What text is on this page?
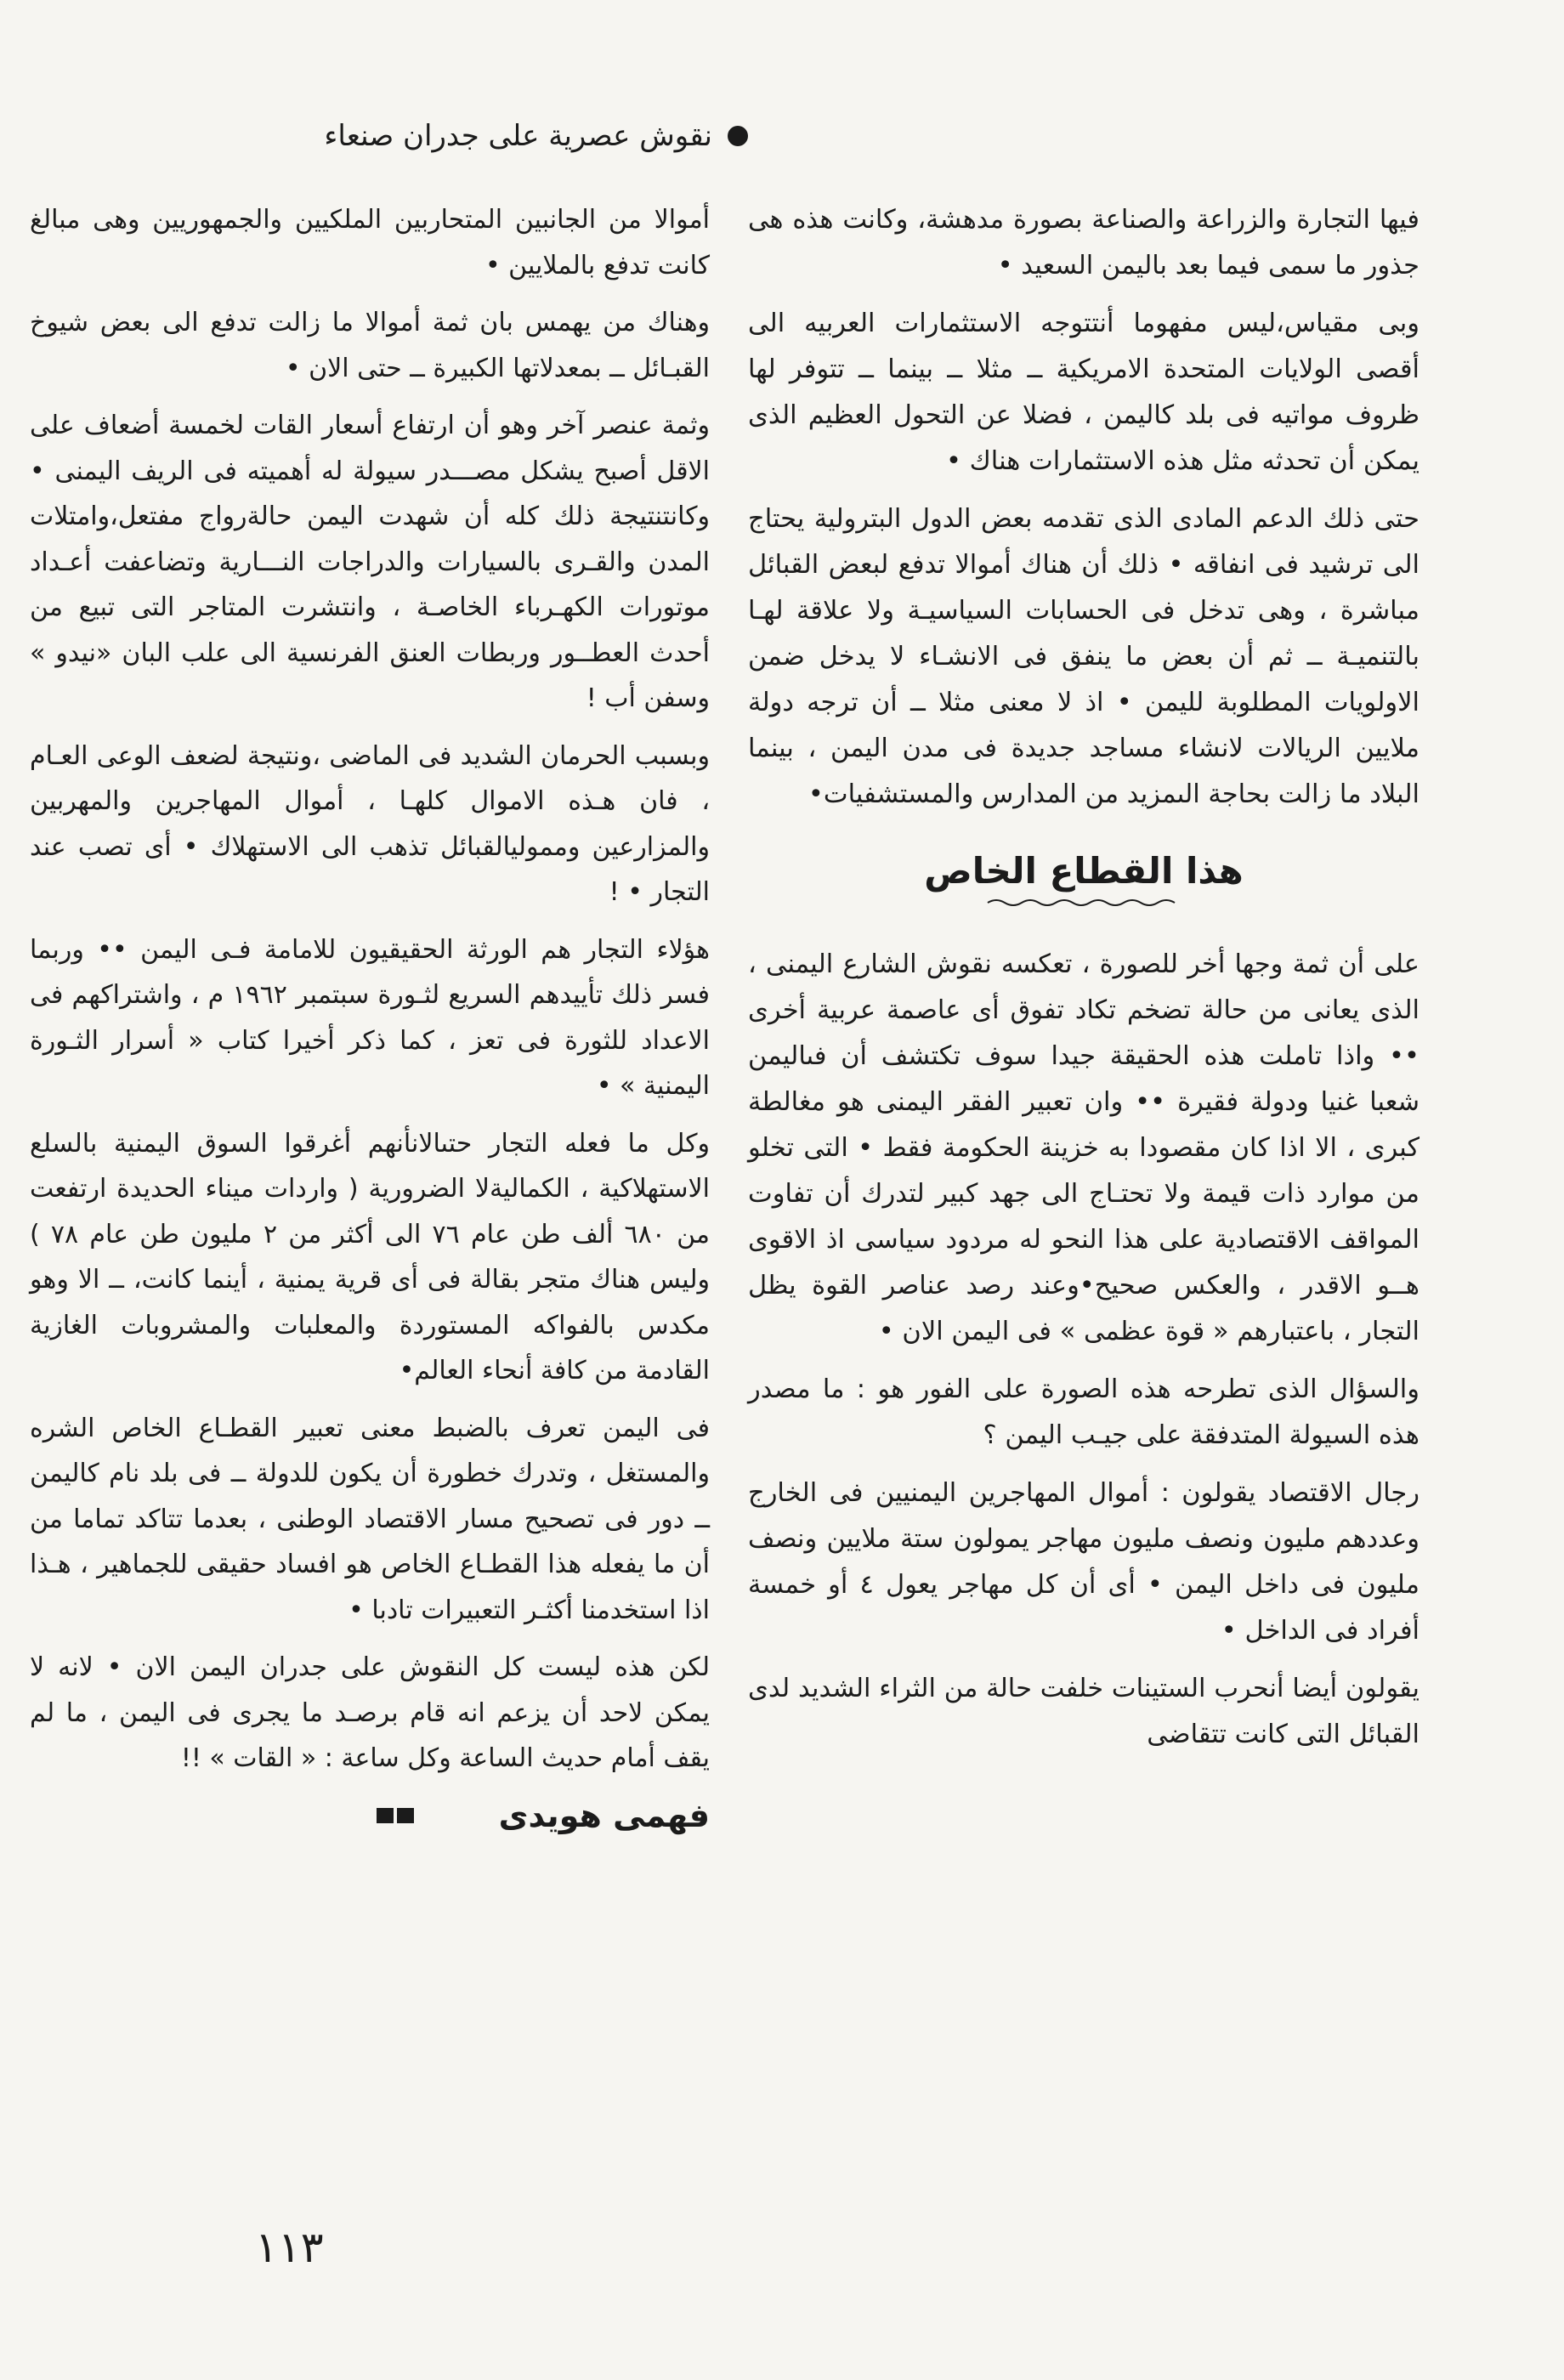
نقوش عصرية على جدران صنعاء

فيها التجارة والزراعة والصناعة بصورة مدهشة، وكانت هذه هى جذور ما سمى فيما بعد باليمن السعيد •

وبى مقياس،ليس مفهوما أنتتوجه الاستثمارات العربيه الى أقصى الولايات المتحدة الامريكية ــ مثلا ــ بينما ــ تتوفر لها ظروف مواتيه فى بلد كاليمن ، فضلا عن التحول العظيم الذى يمكن أن تحدثه مثل هذه الاستثمارات هناك •

حتى ذلك الدعم المادى الذى تقدمه بعض الدول البترولية يحتاج الى ترشيد فى انفاقه • ذلك أن هناك أموالا تدفع لبعض القبائل مباشرة ، وهى تدخل فى الحسابات السياسيـة ولا علاقة لهـا بالتنميـة ــ ثم أن بعض ما ينفق فى الانشـاء لا يدخل ضمن الاولويات المطلوبة لليمن • اذ لا معنى مثلا ــ أن ترجه دولة ملايين الريالات لانشاء مساجد جديدة فى مدن اليمن ، بينما البلاد ما زالت بحاجة الىمزيد من المدارس والمستشفيات•

هذا القطاع الخاص

على أن ثمة وجها أخر للصورة ، تعكسه نقوش الشارع اليمنى ، الذى يعانى من حالة تضخم تكاد تفوق أى عاصمة عربية أخرى •• واذا تاملت هذه الحقيقة جيدا سوف تكتشف أن فىاليمن شعبا غنيا ودولة فقيرة •• وان تعبير الفقر اليمنى هو مغالطة كبرى ، الا اذا كان مقصودا به خزينة الحكومة فقط • التى تخلو من موارد ذات قيمة ولا تحتـاج الى جهد كبير لتدرك أن تفاوت المواقف الاقتصادية على هذا النحو له مردود سياسى اذ الاقوى هــو الاقدر ، والعكس صحيح•وعند رصد عناصر القوة يظل التجار ، باعتبارهم « قوة عظمى » فى اليمن الان •

والسؤال الذى تطرحه هذه الصورة على الفور هو : ما مصدر هذه السيولة المتدفقة على جيـب اليمن ؟

رجال الاقتصاد يقولون : أموال المهاجرين اليمنيين فى الخارج وعددهم مليون ونصف مليون مهاجر يمولون ستة ملايين ونصف مليون فى داخل اليمن • أى أن كل مهاجر يعول ٤ أو خمسة أفراد فى الداخل •

يقولون أيضا أنحرب الستينات خلفت حالة من الثراء الشديد لدى القبائل التى كانت تتقاضى

أموالا من الجانبين المتحاربين الملكيين والجمهوريين وهى مبالغ كانت تدفع بالملايين •

وهناك من يهمس بان ثمة أموالا ما زالت تدفع الى بعض شيوخ القبـائل ــ بمعدلاتها الكبيرة ــ حتى الان •

وثمة عنصر آخر وهو أن ارتفاع أسعار القات لخمسة أضعاف على الاقل أصبح يشكل مصـــدر سيولة له أهميته فى الريف اليمنى • وكانتنتيجة ذلك كله أن شهدت اليمن حالةرواج مفتعل،وامتلات المدن والقـرى بالسيارات والدراجات النـــارية وتضاعفت أعـداد موتورات الكهـرباء الخاصـة ، وانتشرت المتاجر التى تبيع من أحدث العطــور وربطات العنق الفرنسية الى علب البان «نيدو » وسفن أب !

وبسبب الحرمان الشديد فى الماضى ،ونتيجة لضعف الوعى العـام ، فان هـذه الاموال كلهـا ، أموال المهاجرين والمهربين والمزارعين ومموليالقبائل تذهب الى الاستهلاك • أى تصب عند التجار • !

هؤلاء التجار هم الورثة الحقيقيون للامامة فـى اليمن •• وربما فسر ذلك تأييدهم السريع لثـورة سبتمبر ١٩٦٢ م ، واشتراكهم فى الاعداد للثورة فى تعز ، كما ذكر أخيرا كتاب « أسرار الثـورة اليمنية » •

وكل ما فعله التجار حتىالانأنهم أغرقوا السوق اليمنية بالسلع الاستهلاكية ، الكماليةلا الضرورية ( واردات ميناء الحديدة ارتفعت من ٦٨٠ ألف طن عام ٧٦ الى أكثر من ٢ مليون طن عام ٧٨ ) وليس هناك متجر بقالة فى أى قرية يمنية ، أينما كانت، ــ الا وهو مكدس بالفواكه المستوردة والمعلبات والمشروبات الغازية القادمة من كافة أنحاء العالم•

فى اليمن تعرف بالضبط معنى تعبير القطـاع الخاص الشره والمستغل ، وتدرك خطورة أن يكون للدولة ــ فى بلد نام كاليمن ــ دور فى تصحيح مسار الاقتصاد الوطنى ، بعدما تتاكد تماما من أن ما يفعله هذا القطـاع الخاص هو افساد حقيقى للجماهير ، هـذا اذا استخدمنا أكثـر التعبيرات تادبا •

لكن هذه ليست كل النقوش على جدران اليمن الان • لانه لا يمكن لاحد أن يزعم انه قام برصـد ما يجرى فى اليمن ، ما لم يقف أمام حديث الساعة وكل ساعة : « القات » !!

فهمى هويدى
١١٣
